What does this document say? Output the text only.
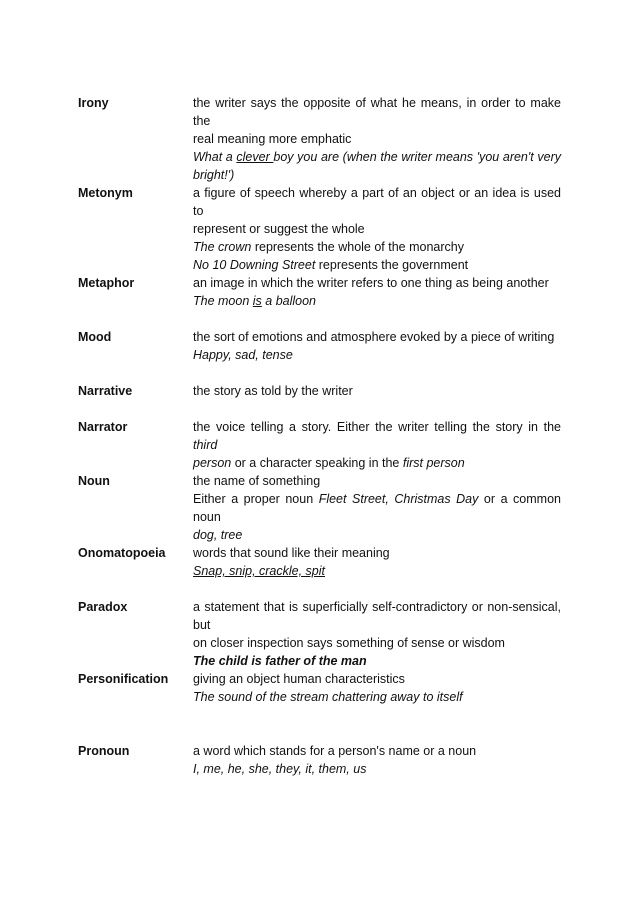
Irony	the writer says the opposite of what he means, in order to make the
real meaning more emphatic
What a clever boy you are (when the writer means 'you aren't very
bright!')
Metonym	a figure of speech whereby a part of an object or an idea is used to
represent or suggest the whole
The crown represents the whole of the monarchy
No 10 Downing Street represents the government
Metaphor	an image in which the writer refers to one thing as being another
The moon is a balloon
Mood	the sort of emotions and atmosphere evoked by a piece of writing
Happy, sad, tense
Narrative	the story as told by the writer
Narrator	the voice telling a story. Either the writer telling the story in the third
person or a character speaking in the first person
Noun	the name of something
Either a proper noun Fleet Street, Christmas Day or a common noun
dog, tree
Onomatopoeia words that sound like their meaning
Snap, snip, crackle, spit
Paradox	a statement that is superficially self-contradictory or non-sensical, but
on closer inspection says something of sense or wisdom
The child is father of the man
Personification giving an object human characteristics
The sound of the stream chattering away to itself
Pronoun	a word which stands for a person's name or a noun
I, me, he, she, they, it, them, us
